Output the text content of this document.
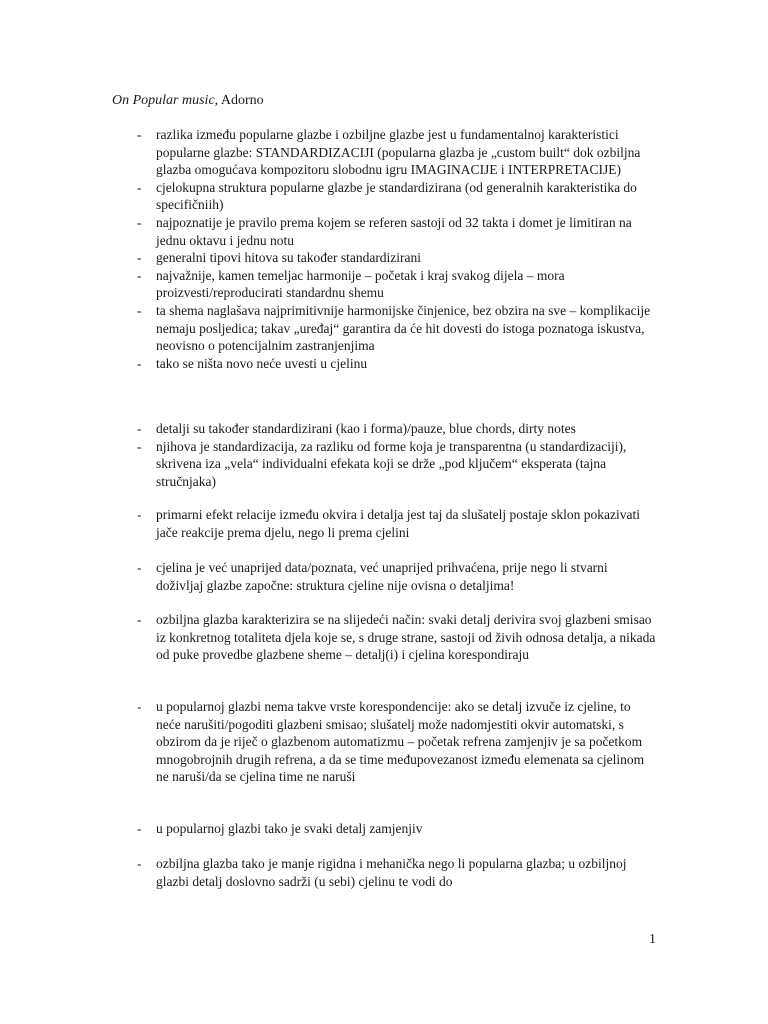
On Popular music, Adorno
- razlika između popularne glazbe i ozbiljne glazbe jest u fundamentalnoj karakteristici popularne glazbe: STANDARDIZACIJI (popularna glazba je „custom built“ dok ozbiljna glazba omogućava kompozitoru slobodnu igru IMAGINACIJE i INTERPRETACIJE)
- cjelokupna struktura popularne glazbe je standardizirana (od generalnih karakteristika do specifičniih)
- najpoznatije je pravilo prema kojem se referen sastoji od 32 takta i domet je limitiran na jednu oktavu i jednu notu
- generalni tipovi hitova su također standardizirani
- najvažnije, kamen temeljac harmonije – početak i kraj svakog dijela – mora proizvesti/reproducirati standardnu shemu
- ta shema naglašava najprimitivnije harmonijske činjenice, bez obzira na sve – komplikacije nemaju posljedica; takav „uređaj“ garantira da će hit dovesti do istoga poznatoga iskustva, neovisno o potencijalnim zastranjenjima
- tako se ništa novo neće uvesti u cjelinu
- detalji su također standardizirani (kao i forma)/pauze, blue chords, dirty notes
- njihova je standardizacija, za razliku od forme koja je transparentna (u standardizaciji), skrivena iza „vela“ individualni efekata koji se drže „pod ključem“ eksperata (tajna stručnjaka)
- primarni efekt relacije između okvira i detalja jest taj da slušatelj postaje sklon pokazivati jače reakcije prema djelu, nego li prema cjelini
- cjelina je već unaprijed data/poznata, već unaprijed prihvaćena, prije nego li stvarni doživljaj glazbe započne: struktura cjeline nije ovisna o detaljima!
- ozbiljna glazba karakterizira se na slijedeći način: svaki detalj derivira svoj glazbeni smisao iz konkretnog totaliteta djela koje se, s druge strane, sastoji od živih odnosa detalja, a nikada od puke provedbe glazbene sheme – detalj(i) i cjelina korespondiraju
- u popularnoj glazbi nema takve vrste korespondencije: ako se detalj izvuče iz cjeline, to neće narušiti/pogoditi glazbeni smisao; slušatelj može nadomjestiti okvir automatski, s obzirom da je riječ o glazbenom automatizmu – početak refrena zamjenjiv je sa početkom mnogobrojnih drugih refrena, a da se time međupovezanost između elemenata sa cjelinom ne naruši/da se cjelina time ne naruši
- u popularnoj glazbi tako je svaki detalj zamjenjiv
- ozbiljna glazba tako je manje rigidna i mehanička nego li popularna glazba; u ozbiljnoj glazbi detalj doslovno sadrži (u sebi) cjelinu te vodi do
1
